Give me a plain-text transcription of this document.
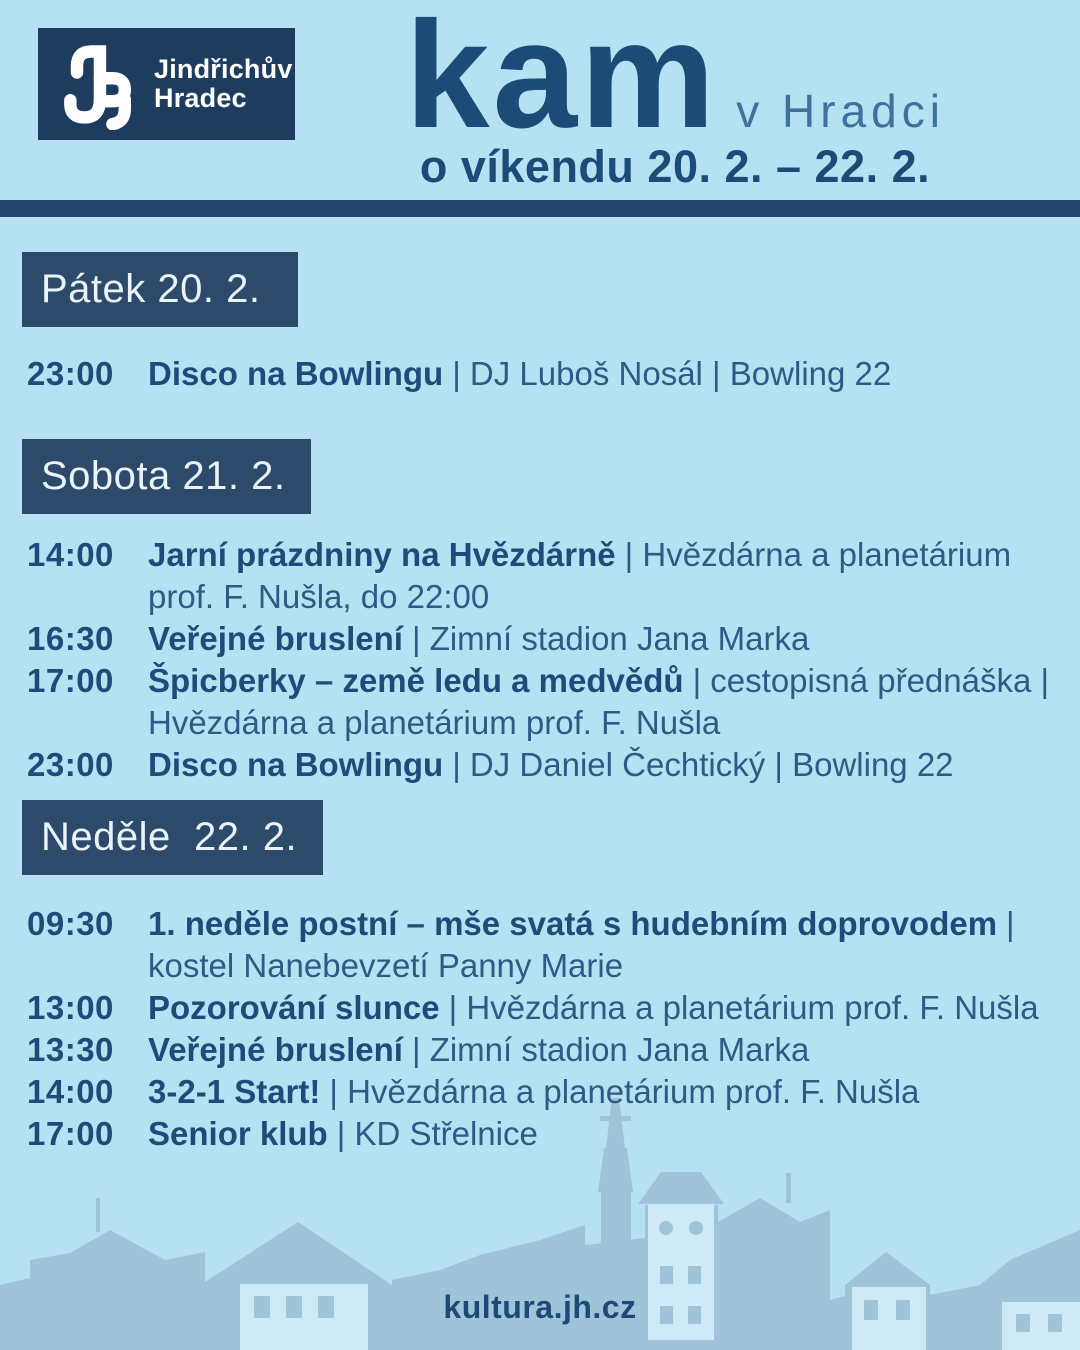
Jindřichův
Hradec	kam v Hradci
o víkendu 20. 2. – 22. 2.
Pátek 20. 2.
23:00	Disco na Bowlingu | DJ Luboš Nosál | Bowling 22
Sobota 21. 2.
14:00	Jarní prázdniny na Hvězdárně | Hvězdárna a planetárium prof. F. Nušla, do 22:00
16:30	Veřejné bruslení | Zimní stadion Jana Marka
17:00	Špicberky – země ledu a medvědů | cestopisná přednáška | Hvězdárna a planetárium prof. F. Nušla
23:00	Disco na Bowlingu | DJ Daniel Čechtický | Bowling 22
Neděle  22. 2.
09:30	1. neděle postní – mše svatá s hudebním doprovodem | kostel Nanebevzetí Panny Marie
13:00	Pozorování slunce | Hvězdárna a planetárium prof. F. Nušla
13:30	Veřejné bruslení | Zimní stadion Jana Marka
14:00	3-2-1 Start! | Hvězdárna a planetárium prof. F. Nušla
17:00	Senior klub | KD Střelnice
kultura.jh.cz
